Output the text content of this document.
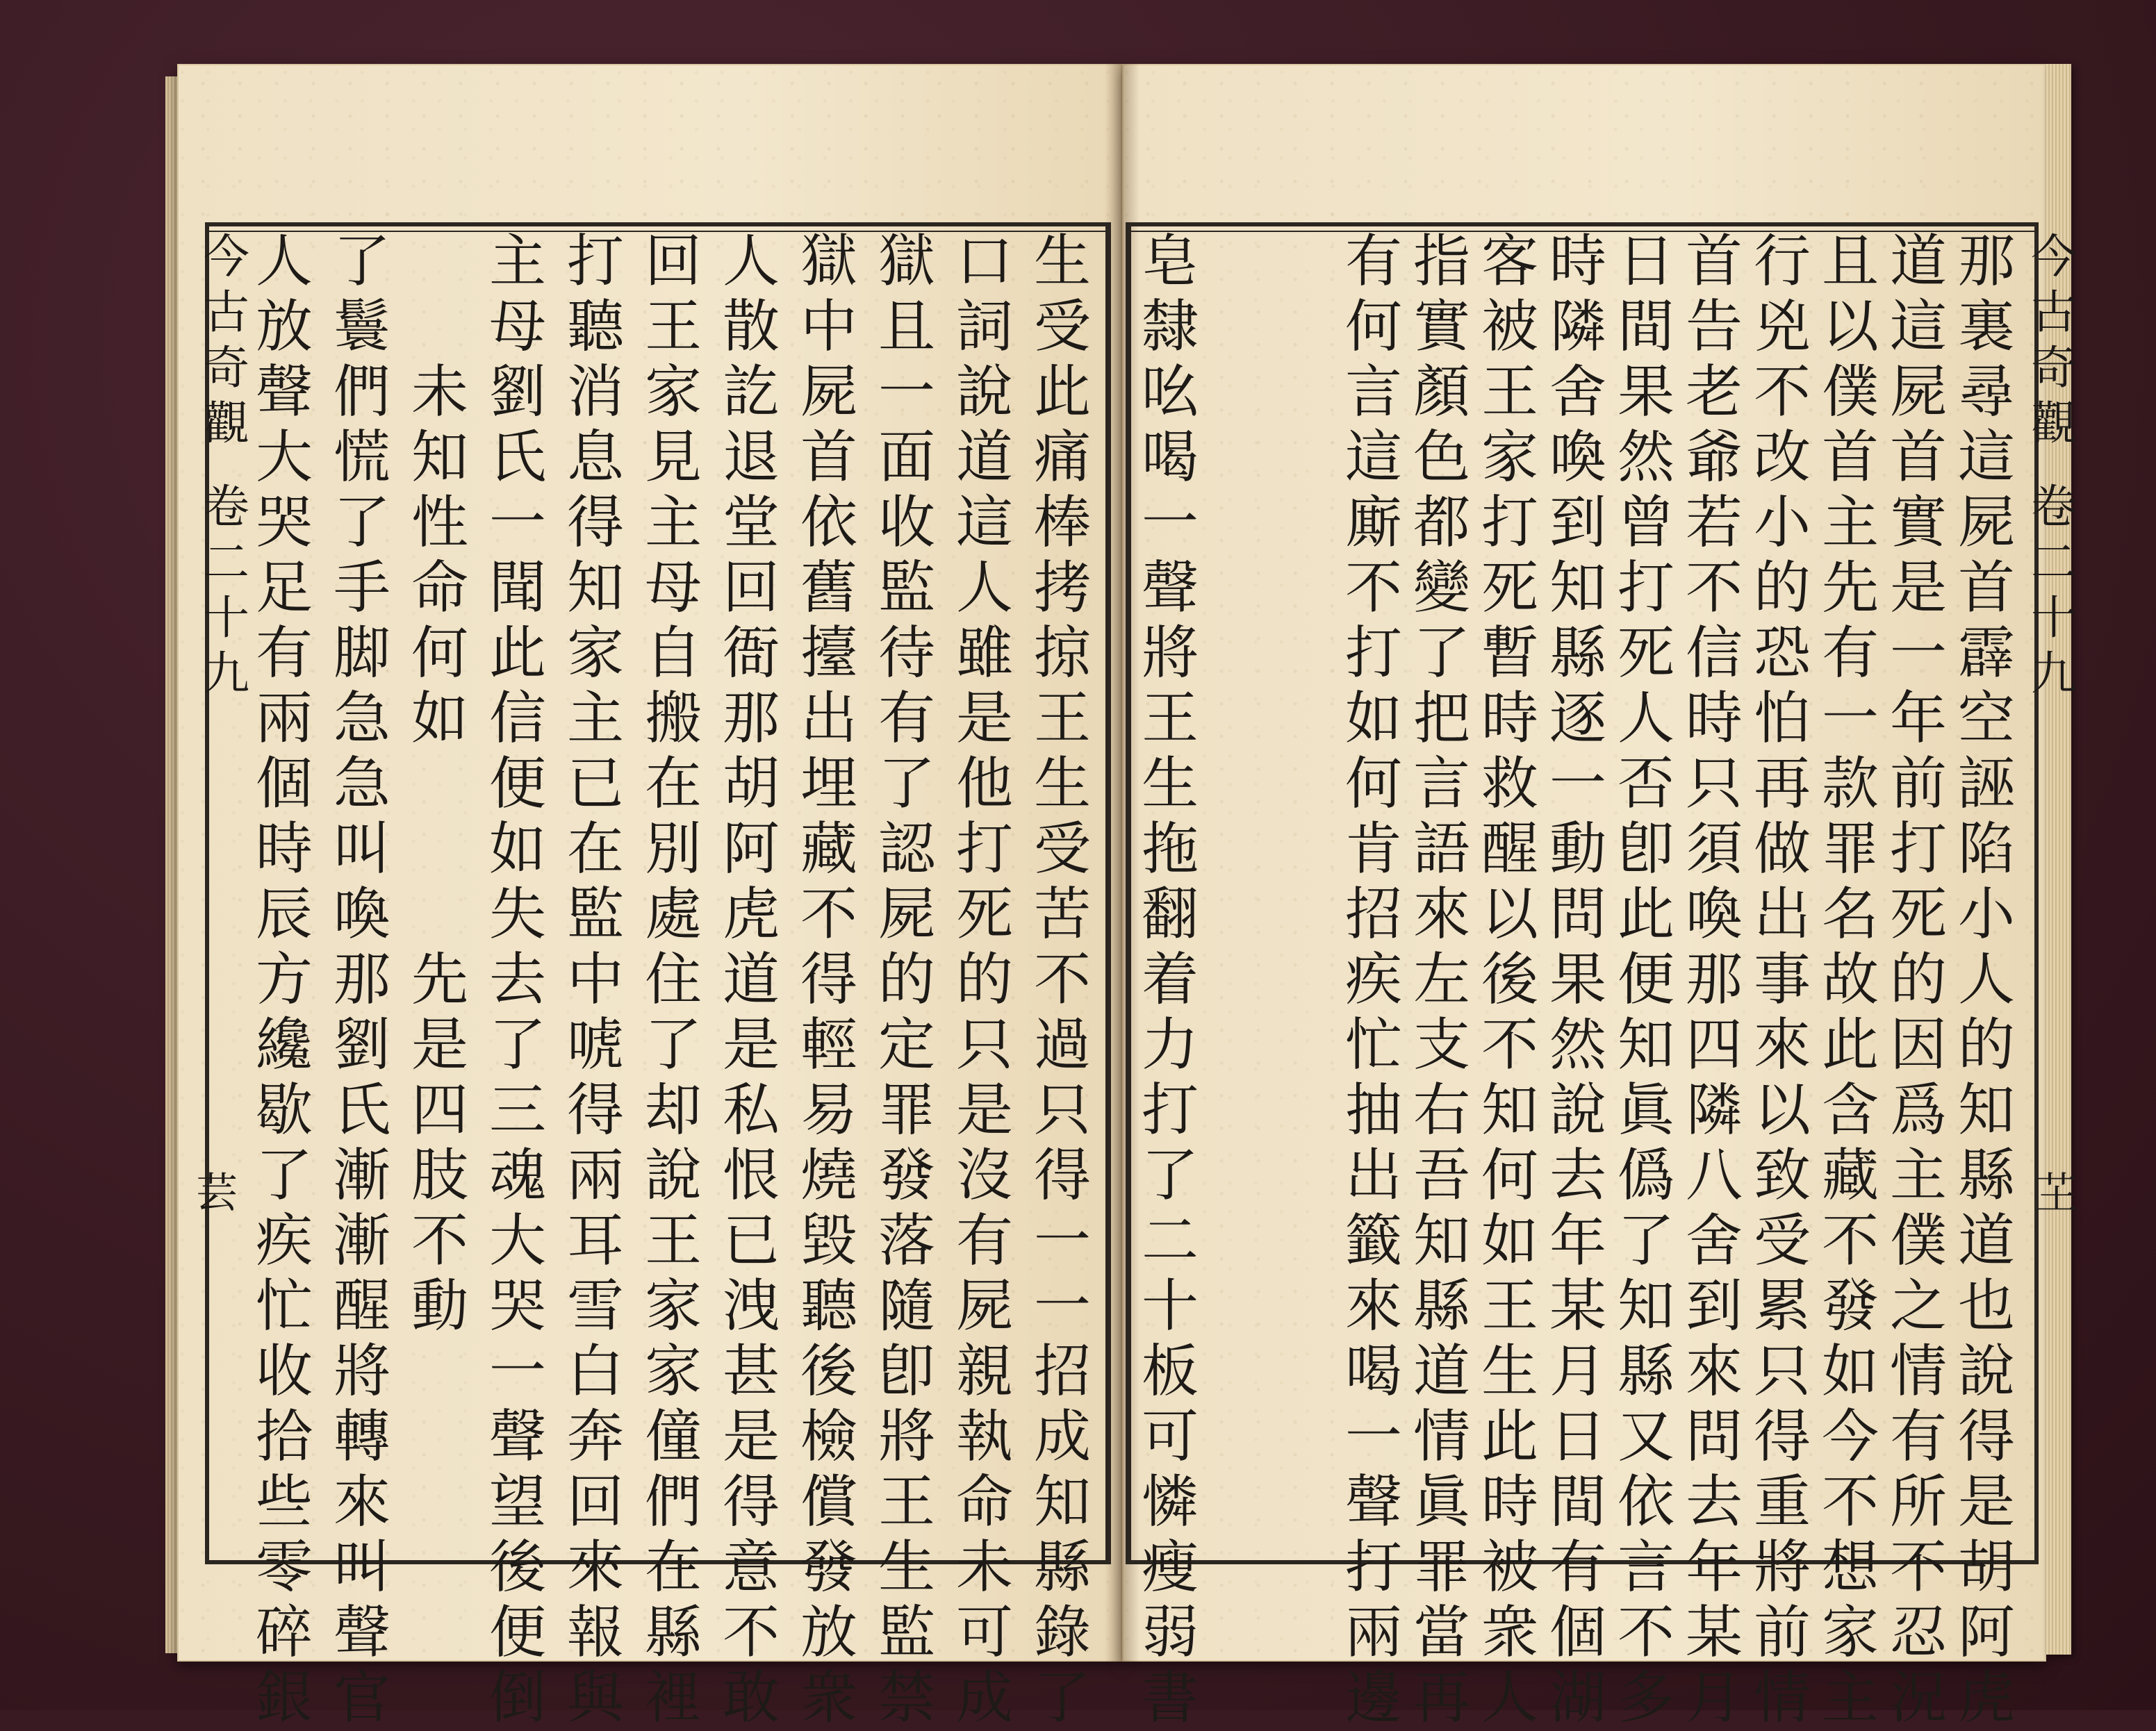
今
古
奇
觀
卷
二
十
九
芸
今
古
奇
觀
卷
二
十
九
芏
那
裏
尋
這
屍
首
霹
空
誣
陷
小
人
的
知
縣
道
也
說
得
是
胡
阿
虎
道
這
屍
首
實
是
一
年
前
打
死
的
因
爲
主
僕
之
情
有
所
不
忍
況
且
以
僕
首
主
先
有
一
款
罪
名
故
此
含
藏
不
發
如
今
不
想
家
主
行
兇
不
改
小
的
恐
怕
再
做
出
事
來
以
致
受
累
只
得
重
將
前
情
首
告
老
爺
若
不
信
時
只
須
喚
那
四
隣
八
舍
到
來
問
去
年
某
月
日
間
果
然
曾
打
死
人
否
卽
此
便
知
眞
僞
了
知
縣
又
依
言
不
多
時
隣
舍
喚
到
知
縣
逐
一
動
問
果
然
說
去
年
某
月
日
間
有
個
湖
客
被
王
家
打
死
暫
時
救
醒
以
後
不
知
何
如
王
生
此
時
被
衆
人
指
實
顏
色
都
變
了
把
言
語
來
左
支
右
吾
知
縣
道
情
眞
罪
當
再
有
何
言
這
廝
不
打
如
何
肯
招
疾
忙
抽
出
籤
來
喝
一
聲
打
兩
邊
皂
隸
吆
喝
一
聲
將
王
生
拖
翻
着
力
打
了
二
十
板
可
憐
瘦
弱
書
生
受
此
痛
棒
拷
掠
王
生
受
苦
不
過
只
得
一
一
招
成
知
縣
錄
了
口
詞
說
道
這
人
雖
是
他
打
死
的
只
是
沒
有
屍
親
執
命
未
可
成
獄
且
一
面
收
監
待
有
了
認
屍
的
定
罪
發
落
隨
卽
將
王
生
監
禁
獄
中
屍
首
依
舊
擡
出
埋
藏
不
得
輕
易
燒
毀
聽
後
檢
償
發
放
衆
人
散
訖
退
堂
回
衙
那
胡
阿
虎
道
是
私
恨
已
洩
甚
是
得
意
不
敢
回
王
家
見
主
母
自
搬
在
別
處
住
了
却
說
王
家
家
僮
們
在
縣
裡
打
聽
消
息
得
知
家
主
已
在
監
中
唬
得
兩
耳
雪
白
奔
回
來
報
與
主
母
劉
氏
一
聞
此
信
便
如
失
去
了
三
魂
大
哭
一
聲
望
後
便
倒

未
知
性
命
何
如

先
是
四
肢
不
動
了
鬟
們
慌
了
手
脚
急
急
叫
喚
那
劉
氏
漸
漸
醒
將
轉
來
叫
聲
官
人
放
聲
大
哭
足
有
兩
個
時
辰
方
纔
歇
了
疾
忙
收
拾
些
零
碎
銀
